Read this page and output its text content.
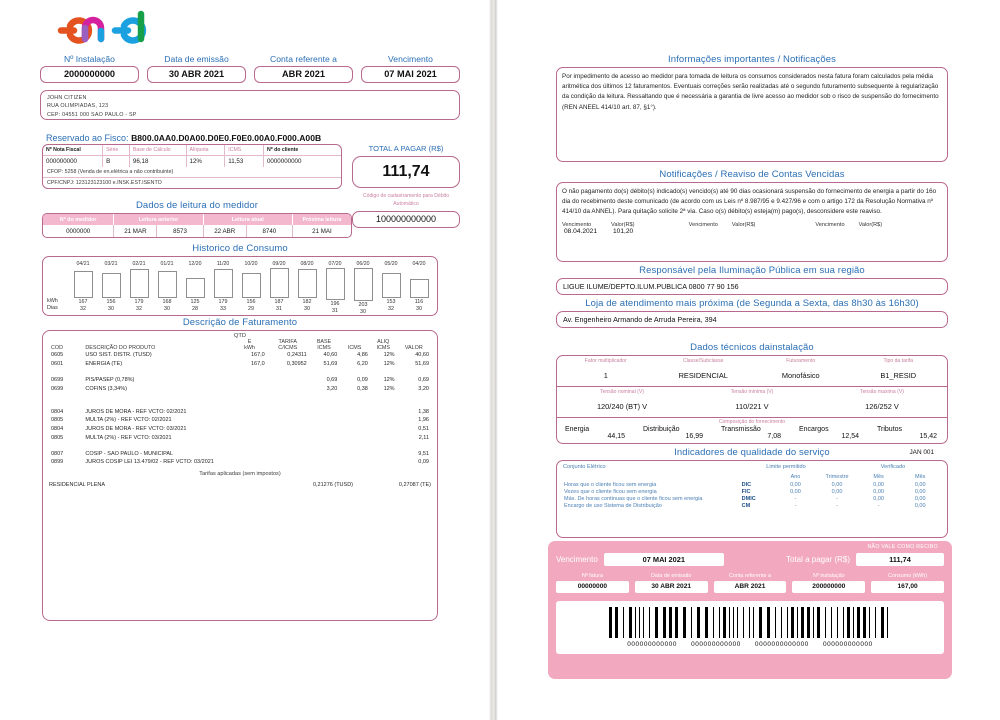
Nº Instalação
2000000000
Data de emissão
30 ABR 2021
Conta referente a
ABR 2021
Vencimento
07 MAI 2021
JOHN CITIZEN
RUA OLIMPIADAS, 123
CEP: 04551 000 SAO PAULO - SP
Reservado ao Fisco: B800.0AA0.D0A00.D0E0.F0E0.00A0.F000.A00B
Nº Nota Fiscal	Série	Base de Cálculo	Alíquota	ICMS	Nº do cliente
000000000	B	96,18	12%	11,53	0000000000
CFOP: 5258 (Venda de en.elétrica a não contribuinte)
CPF/CNPJ: 123123123100 e.INSK.EST.ISENTO
TOTAL A PAGAR (R$)
111,74
Código de cadastramento para Débito Automático
100000000000
Dados de leitura do medidor
Nº do medidor	Leitura anterior		Leitura atual		Próxima leitura
0000000	21 MAR	8573	22 ABR	8740	21 MAI
Historico de Consumo
kWh
Dias
04/21
167
32
03/21
156
30
02/21
179
32
01/21
168
30
12/20
125
28
11/20
179
33
10/20
156
29
09/20
187
31
08/20
182
30
07/20
196
31
06/20
203
30
05/20
153
32
04/20
116
30
Descrição de Faturamento
QTD
		E	TARIFA	BASE		ALIQ	
COD	DESCRIÇÃO DO PRODUTO	kWh	C/ICMS	ICMS	ICMS	ICMS	VALOR
0605	USO SIST. DISTR. (TUSD)	167,0	0,24311	40,60	4,86	12%	40,60
0601	ENERGIA (TE)	167,0	0,30952	51,69	6,20	12%	51,69

0699	PIS/PASEP (0,78%)			0,69	0,09	12%	0,69
0699	COFINS (3,34%)			3,20	0,38	12%	3,20

0804	JUROS DE MORA - REF VCTO: 02/2021						1,38
0805	MULTA (2%) - REF VCTO: 02/2021						1,96
0804	JUROS DE MORA - REF VCTO: 03/2021						0,51
0805	MULTA (2%) - REF VCTO: 03/2021						2,11

0807	COSIP - SAO PAULO - MUNICIPAL						9,51
0899	JUROS COSIP LEI 13.479/02 - REF VCTO: 03/2021						0,09
Tarifas aplicadas (sem impostos)
RESIDENCIAL PLENA	0,21276 (TUSD)	0,27087 (TE)
Informações importantes / Notificações
Por impedimento de acesso ao medidor para tomada de leitura os consumos considerados nesta fatura foram calculados pela média aritmética dos últimos 12 faturamentos. Eventuais correções serão realizadas até o segundo futuramento subsequente à regularização da condição da leitura. Ressaltando que é necessária a garantia de livre acesso ao medidor sob o risco de suspensão do fornecimento (REN ANEEL 414/10 art. 87, §1°).
Notificações / Reaviso de Contas Vencidas
O não pagamento do(s) débito(s) indicado(s) vencido(s) até 90 dias ocasionará suspensão do fornecimento de energia a partir do 16o dia do recebimento deste comunicado (de acordo com us Leis nº 8.987/95 e 9.427/96 e com o artigo 172 da Resolução Normativa nº 414/10 da ANNEL). Para quitação solicite 2ª via. Caso o(s) débito(s) esteja(m) pago(s), desconsidere este reaviso.
Vencimento
08.04.2021
Valor(R$)
101,20
Vencimento	Valor(R$)	Vencimento	Valor(R$)
Responsável pela Iluminação Pública em sua região
LIGUE ILUME/DEPTO.ILUM.PUBLICA 0800 77 90 156
Loja de atendimento mais próxima (de Segunda a Sexta, das 8h30 às 16h30)
Av. Engenheiro Armando de Arruda Pereira, 394
Dados técnicos dainstalação
Fator multiplicador
1
Classe/Subclasse
RESIDENCIAL
Futuramento
Monofásico
Tipo da tarifa
B1_RESID
Tensão nominal (V)
120/240 (BT) V
Tensão mínima (V)
110/221 V
Tensão maxima (V)
126/252 V
Composição do fornecimento
Energia
44,15
Distribuição
16,99
Transmissão
7,08
Encargos
12,54
Tributos
15,42
Indicadores de qualidade do serviço	JAN 001
Conjunto Elétrico	Limite permitido	Verificado
		Ano	Trimestre	Mês	Mês
Horas que o cliente ficou sem energia	DIC	0,00	0,00	0,00	0,00
Vezes que o cliente ficou sem energia	FIC	0,00	0,00	0,00	0,00
Máx. De horas continuas que o cliente ficou sem energia	DMIC	-	-	0,00	0,00
Encargo de uso Sistema de Distribuição	CM	-	-	-	0,00
NÃO VALE COMO RECIBO
Vencimento	07 MAI 2021	Total a pagar (R$)	111,74
Nº fatura
00000000
Data de emissão
30 ABR 2021
Conta referente a
ABR 2021
Nº instalação
200000000
Consumo (kWh)
167,00
000000000000 000000000000 0000000000000 000000000000
